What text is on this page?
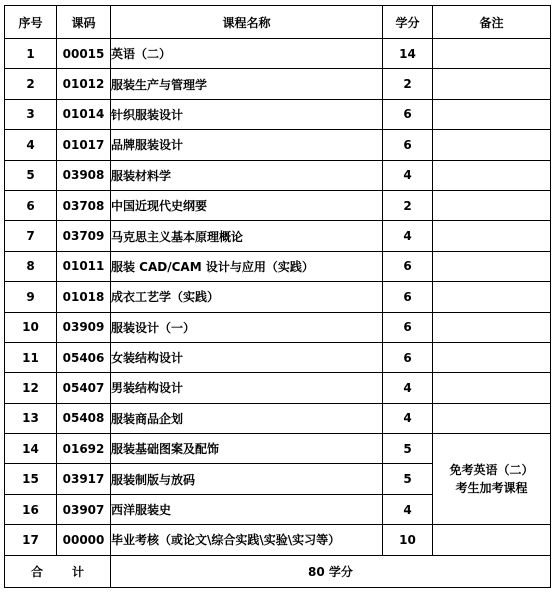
序号	课码	课程名称	学分	备注
1	00015	英语（二）	14	
2	01012	服装生产与管理学	2	
3	01014	针织服装设计	6	
4	01017	品牌服装设计	6	
5	03908	服装材料学	4	
6	03708	中国近现代史纲要	2	
7	03709	马克思主义基本原理概论	4	
8	01011	服装 CAD/CAM 设计与应用（实践）	6	
9	01018	成衣工艺学（实践）	6	
10	03909	服装设计（一）	6	
11	05406	女装结构设计	6	
12	05407	男装结构设计	4	
13	05408	服装商品企划	4	
14	01692	服装基础图案及配饰	5	免考英语（二）
考生加考课程

15	03917	服装制版与放码	5	
16	03907	西洋服装史	4	
17	00000	毕业考核（或论文\综合实践\实验\实习等）	10	

合 计		80 学分		
